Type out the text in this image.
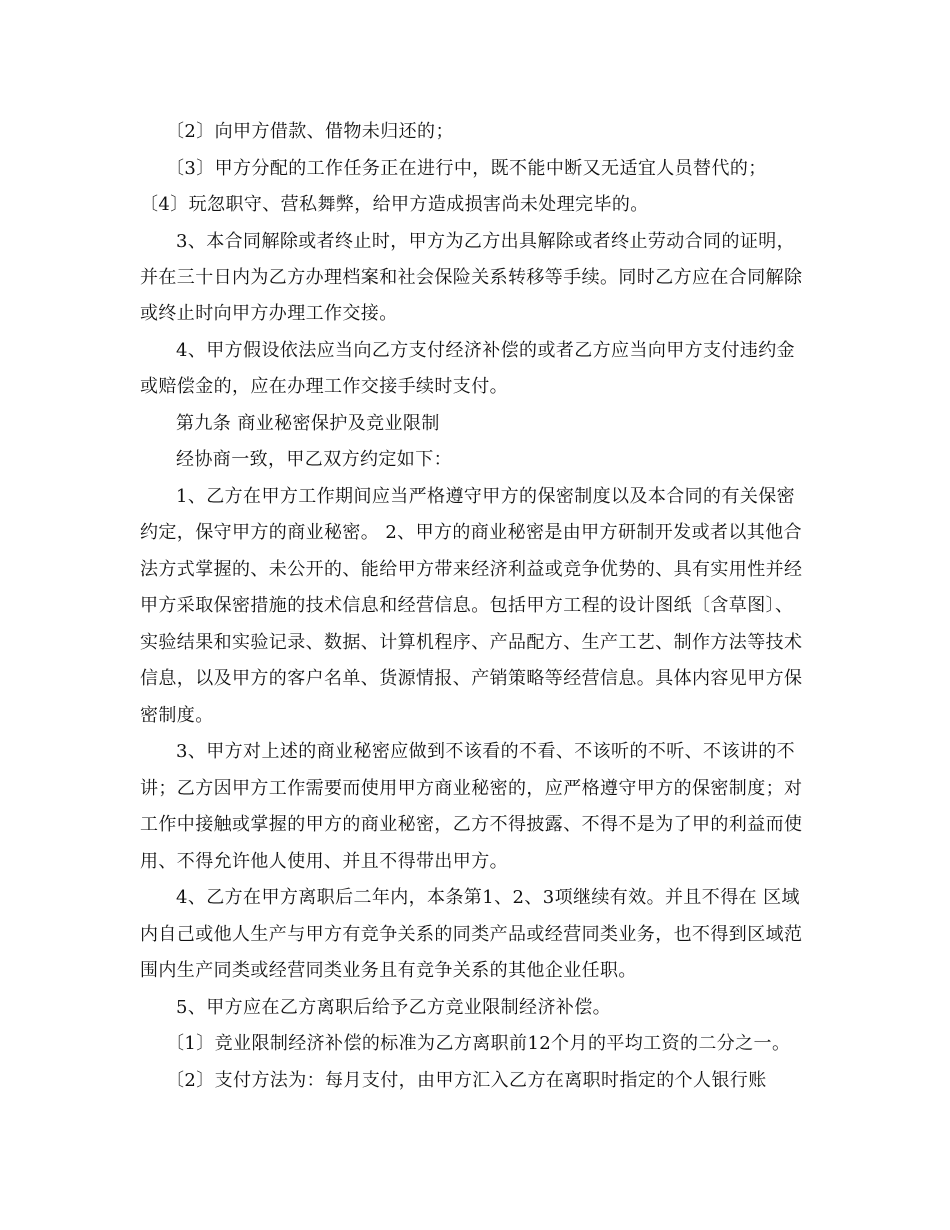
〔2〕向甲方借款、借物未归还的；
〔3〕甲方分配的工作任务正在进行中，既不能中断又无适宜人员替代的；
〔4〕玩忽职守、营私舞弊，给甲方造成损害尚未处理完毕的。
3、本合同解除或者终止时，甲方为乙方出具解除或者终止劳动合同的证明，
并在三十日内为乙方办理档案和社会保险关系转移等手续。同时乙方应在合同解除
或终止时向甲方办理工作交接。
4、甲方假设依法应当向乙方支付经济补偿的或者乙方应当向甲方支付违约金
或赔偿金的，应在办理工作交接手续时支付。
第九条 商业秘密保护及竞业限制
经协商一致，甲乙双方约定如下：
1、乙方在甲方工作期间应当严格遵守甲方的保密制度以及本合同的有关保密
约定，保守甲方的商业秘密。 2、甲方的商业秘密是由甲方研制开发或者以其他合
法方式掌握的、未公开的、能给甲方带来经济利益或竞争优势的、具有实用性并经
甲方采取保密措施的技术信息和经营信息。包括甲方工程的设计图纸〔含草图〕、
实验结果和实验记录、数据、计算机程序、产品配方、生产工艺、制作方法等技术
信息，以及甲方的客户名单、货源情报、产销策略等经营信息。具体内容见甲方保
密制度。
3、甲方对上述的商业秘密应做到不该看的不看、不该听的不听、不该讲的不
讲；乙方因甲方工作需要而使用甲方商业秘密的，应严格遵守甲方的保密制度；对
工作中接触或掌握的甲方的商业秘密，乙方不得披露、不得不是为了甲的利益而使
用、不得允许他人使用、并且不得带出甲方。
4、乙方在甲方离职后二年内，本条第1、2、3项继续有效。并且不得在 区域
内自己或他人生产与甲方有竞争关系的同类产品或经营同类业务，也不得到区域范
围内生产同类或经营同类业务且有竞争关系的其他企业任职。
5、甲方应在乙方离职后给予乙方竞业限制经济补偿。
〔1〕竞业限制经济补偿的标准为乙方离职前12个月的平均工资的二分之一。
〔2〕支付方法为：每月支付，由甲方汇入乙方在离职时指定的个人银行账
